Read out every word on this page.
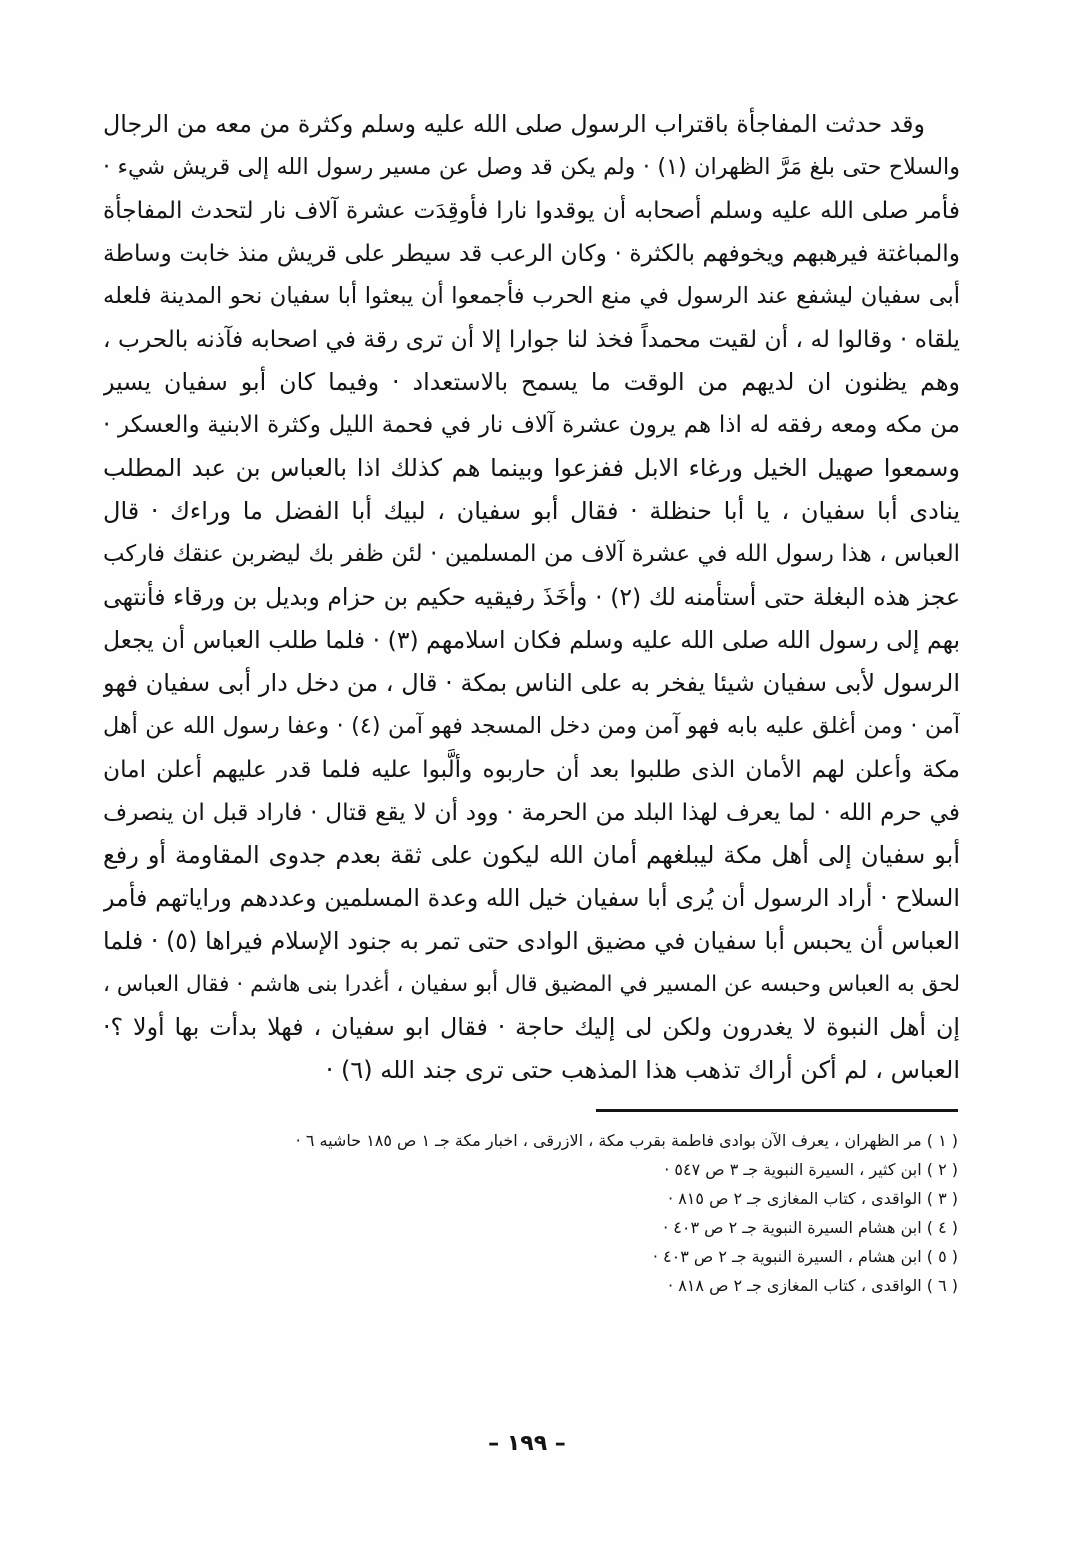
وقد حدثت المفاجأة باقتراب الرسول صلى الله عليه وسلم وكثرة من معه من الرجال
والسلاح حتى بلغ مَرَّ الظهران (١) · ولم يكن قد وصل عن مسير رسول الله إلى قريش شيء ·
فأمر صلى الله عليه وسلم أصحابه أن يوقدوا نارا فأوقِدَت عشرة آلاف نار لتحدث المفاجأة
والمباغتة فيرهبهم ويخوفهم بالكثرة · وكان الرعب قد سيطر على قريش منذ خابت وساطة
أبى سفيان ليشفع عند الرسول في منع الحرب فأجمعوا أن يبعثوا أبا سفيان نحو المدينة فلعله
يلقاه · وقالوا له ، أن لقيت محمداً فخذ لنا جوارا إلا أن ترى رقة في اصحابه فآذنه بالحرب ،
وهم يظنون ان لديهم من الوقت ما يسمح بالاستعداد · وفيما كان أبو سفيان يسير
من مكه ومعه رفقه له اذا هم يرون عشرة آلاف نار في فحمة الليل وكثرة الابنية والعسكر ·
وسمعوا صهيل الخيل ورغاء الابل ففزعوا وبينما هم كذلك اذا بالعباس بن عبد المطلب
ينادى أبا سفيان ، يا أبا حنظلة · فقال أبو سفيان ، لبيك أبا الفضل ما وراءك · قال
العباس ، هذا رسول الله في عشرة آلاف من المسلمين · لئن ظفر بك ليضربن عنقك فاركب
عجز هذه البغلة حتى أستأمنه لك (٢) · وأخَذَ رفيقيه حكيم بن حزام وبديل بن ورقاء فأنتهى
بهم إلى رسول الله صلى الله عليه وسلم فكان اسلامهم (٣) · فلما طلب العباس أن يجعل
الرسول لأبى سفيان شيئا يفخر به على الناس بمكة · قال ، من دخل دار أبى سفيان فهو
آمن · ومن أغلق عليه بابه فهو آمن ومن دخل المسجد فهو آمن (٤) · وعفا رسول الله عن أهل
مكة وأعلن لهم الأمان الذى طلبوا بعد أن حاربوه وألَّبوا عليه فلما قدر عليهم أعلن امان
في حرم الله · لما يعرف لهذا البلد من الحرمة · وود أن لا يقع قتال · فاراد قبل ان ينصرف
أبو سفيان إلى أهل مكة ليبلغهم أمان الله ليكون على ثقة بعدم جدوى المقاومة أو رفع
السلاح · أراد الرسول أن يُرى أبا سفيان خيل الله وعدة المسلمين وعددهم وراياتهم فأمر
العباس أن يحبس أبا سفيان في مضيق الوادى حتى تمر به جنود الإسلام فيراها (٥) · فلما
لحق به العباس وحبسه عن المسير في المضيق قال أبو سفيان ، أغدرا بنى هاشم · فقال العباس ،
إن أهل النبوة لا يغدرون ولكن لى إليك حاجة · فقال ابو سفيان ، فهلا بدأت بها أولا ؟·
العباس ، لم أكن أراك تذهب هذا المذهب حتى ترى جند الله (٦) ·
( ١ ) مر الظهران ، يعرف الآن بوادى فاطمة بقرب مكة ، الازرقى ، اخبار مكة جـ ١ ص ١٨٥ حاشيه ٦ ·
( ٢ ) ابن كثير ، السيرة النبوية جـ ٣ ص ٥٤٧ ·
( ٣ ) الواقدى ، كتاب المغازى جـ ٢ ص ٨١٥ ·
( ٤ ) ابن هشام السيرة النبوية جـ ٢ ص ٤٠٣ ·
( ٥ ) ابن هشام ، السيرة النبوية جـ ٢ ص ٤٠٣ ·
( ٦ ) الواقدى ، كتاب المغازى جـ ٢ ص ٨١٨ ·
– ١٩٩ –
